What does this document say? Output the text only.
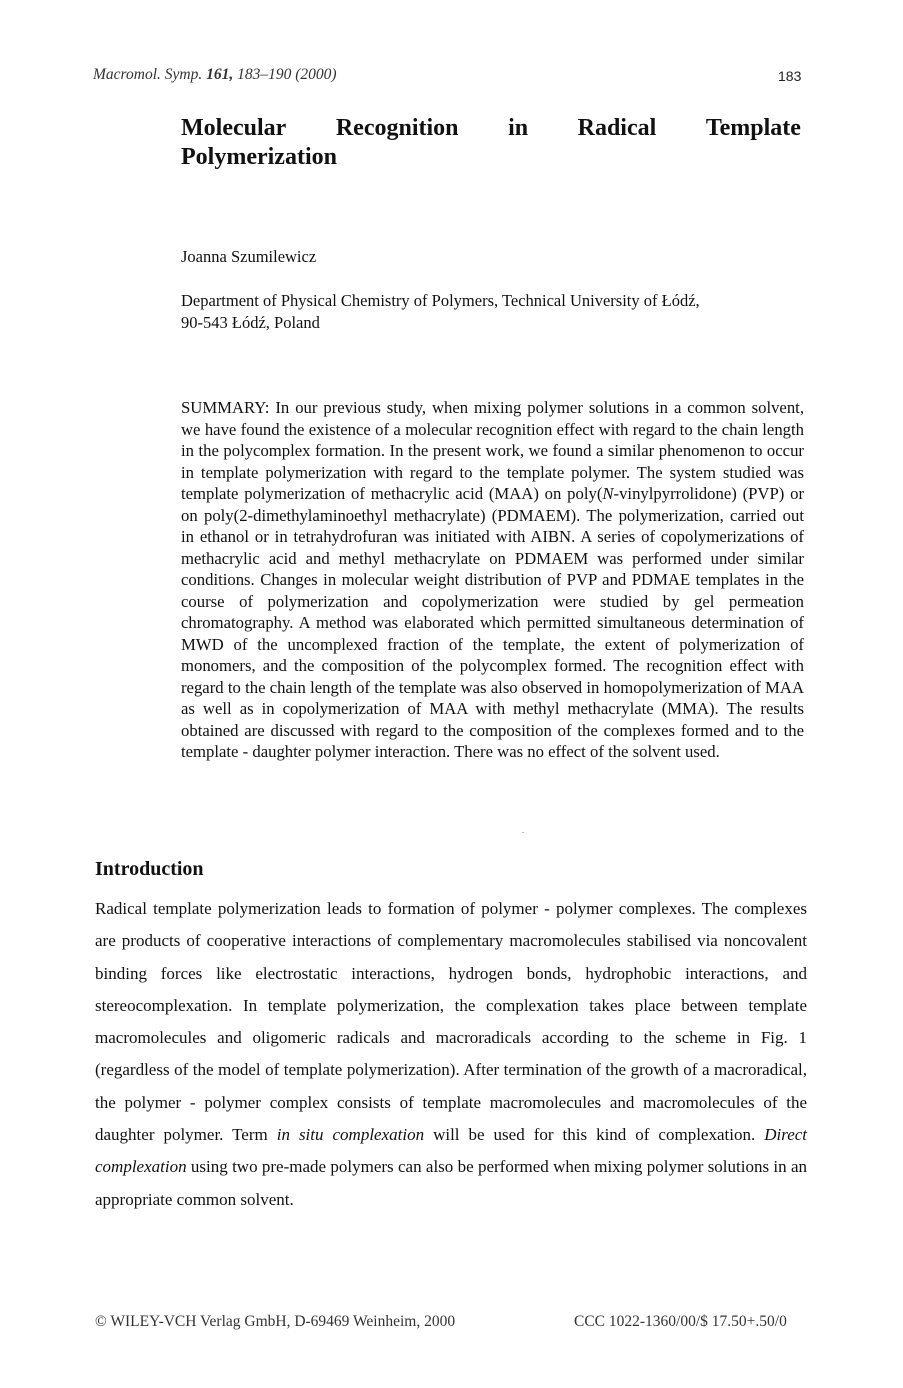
Macromol. Symp. 161, 183–190 (2000)	183
Molecular Recognition in Radical Template
Polymerization
Joanna Szumilewicz
Department of Physical Chemistry of Polymers, Technical University of Łódź,
90-543 Łódź, Poland
SUMMARY: In our previous study, when mixing polymer solutions in a common solvent, we have found the existence of a molecular recognition effect with regard to the chain length in the polycomplex formation. In the present work, we found a similar phenomenon to occur in template polymerization with regard to the template polymer. The system studied was template polymerization of methacrylic acid (MAA) on poly(N-vinylpyrrolidone) (PVP) or on poly(2-dimethylaminoethyl methacrylate) (PDMAEM). The polymerization, carried out in ethanol or in tetrahydrofuran was initiated with AIBN. A series of copolymerizations of methacrylic acid and methyl methacrylate on PDMAEM was performed under similar conditions. Changes in molecular weight distribution of PVP and PDMAE templates in the course of polymerization and copolymerization were studied by gel permeation chromatography. A method was elaborated which permitted simultaneous determination of MWD of the uncomplexed fraction of the template, the extent of polymerization of monomers, and the composition of the polycomplex formed. The recognition effect with regard to the chain length of the template was also observed in homopolymerization of MAA as well as in copolymerization of MAA with methyl methacrylate (MMA). The results obtained are discussed with regard to the composition of the complexes formed and to the template - daughter polymer interaction. There was no effect of the solvent used.
Introduction
Radical template polymerization leads to formation of polymer - polymer complexes. The complexes are products of cooperative interactions of complementary macromolecules stabilised via noncovalent binding forces like electrostatic interactions, hydrogen bonds, hydrophobic interactions, and stereocomplexation. In template polymerization, the complexation takes place between template macromolecules and oligomeric radicals and macroradicals according to the scheme in Fig. 1 (regardless of the model of template polymerization). After termination of the growth of a macroradical, the polymer - polymer complex consists of template macromolecules and macromolecules of the daughter polymer. Term in situ complexation will be used for this kind of complexation. Direct complexation using two pre-made polymers can also be performed when mixing polymer solutions in an appropriate common solvent.
© WILEY-VCH Verlag GmbH, D-69469 Weinheim, 2000	CCC 1022-1360/00/$ 17.50+.50/0
